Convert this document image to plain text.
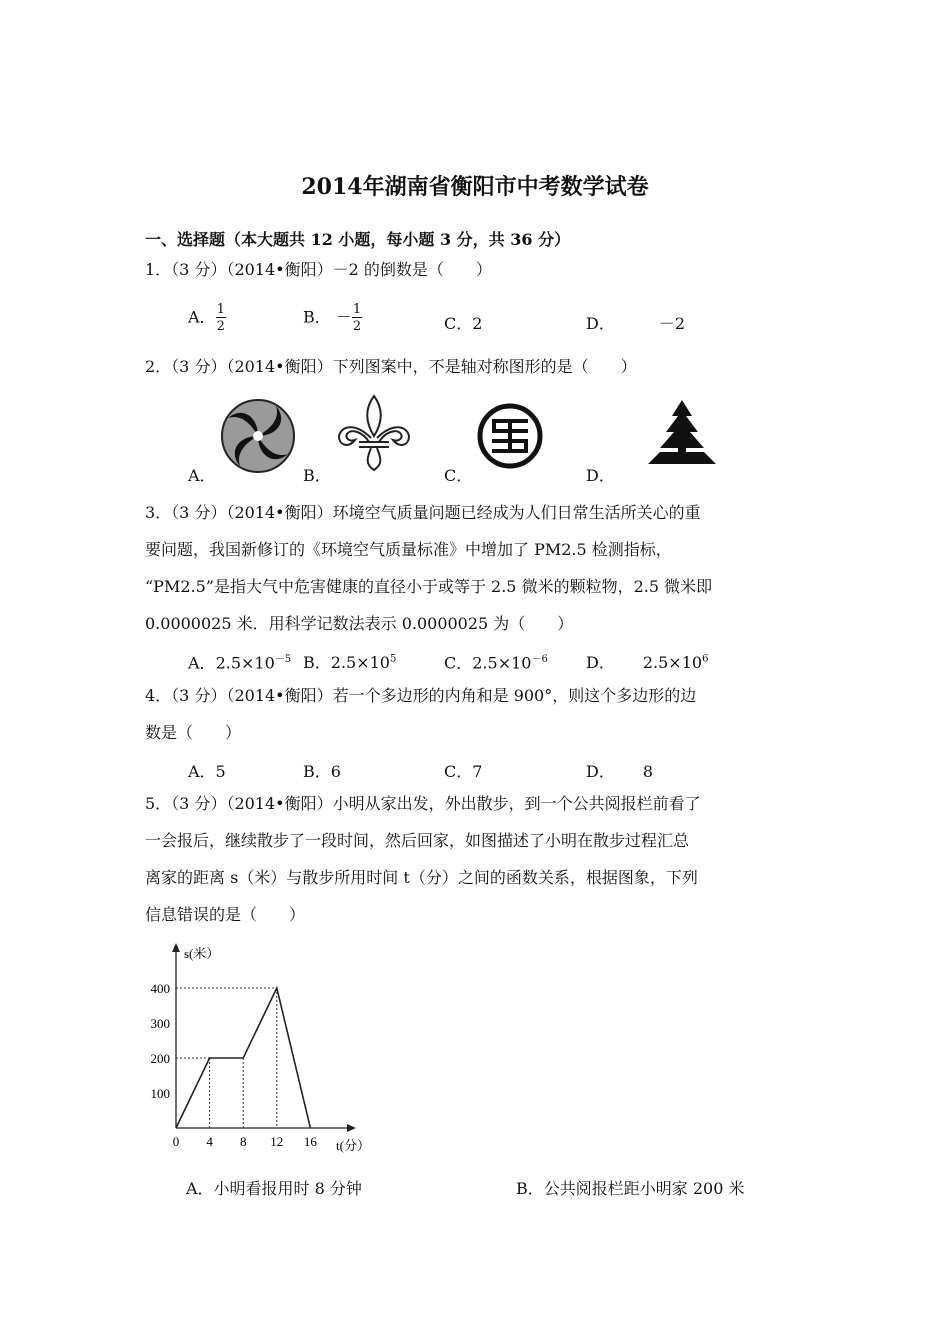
2014年湖南省衡阳市中考数学试卷
一、选择题（本大题共 12 小题，每小题 3 分，共 36 分）
1．（3 分）（2014•衡阳）－2 的倒数是（　　）
A． $\frac{1}{2}$	B． － $\frac{1}{2}$	C．2	D．	－2
2．（3 分）（2014•衡阳）下列图案中，不是轴对称图形的是（　　）
A．	B．	C．	D．
3．（3 分）（2014•衡阳）环境空气质量问题已经成为人们日常生活所关心的重
要问题，我国新修订的《环境空气质量标准》中增加了 PM2.5 检测指标，
“PM2.5”是指大气中危害健康的直径小于或等于 2.5 微米的颗粒物，2.5 微米即
0.0000025 米．用科学记数法表示 0.0000025 为（　　）
A．$2.5\times 10^{-5}$ B．$2.5\times 10^5$	C．$2.5\times 10^{-6}$ D． $2.5\times 10^6$
4．（3 分）（2014•衡阳）若一个多边形的内角和是 900°，则这个多边形的边
数是（　　）
A．5	B．6	C．7	D． 8
5．（3 分）（2014•衡阳）小明从家出发，外出散步，到一个公共阅报栏前看了
一会报后，继续散步了一段时间，然后回家，如图描述了小明在散步过程汇总
离家的距离 s（米）与散步所用时间 t（分）之间的函数关系，根据图象，下列
信息错误的是（　　）
s(米）
t(分）
0 4 8 12 16
100
200
300
400
A．小明看报用时 8 分钟	B．公共阅报栏距小明家 200 米
